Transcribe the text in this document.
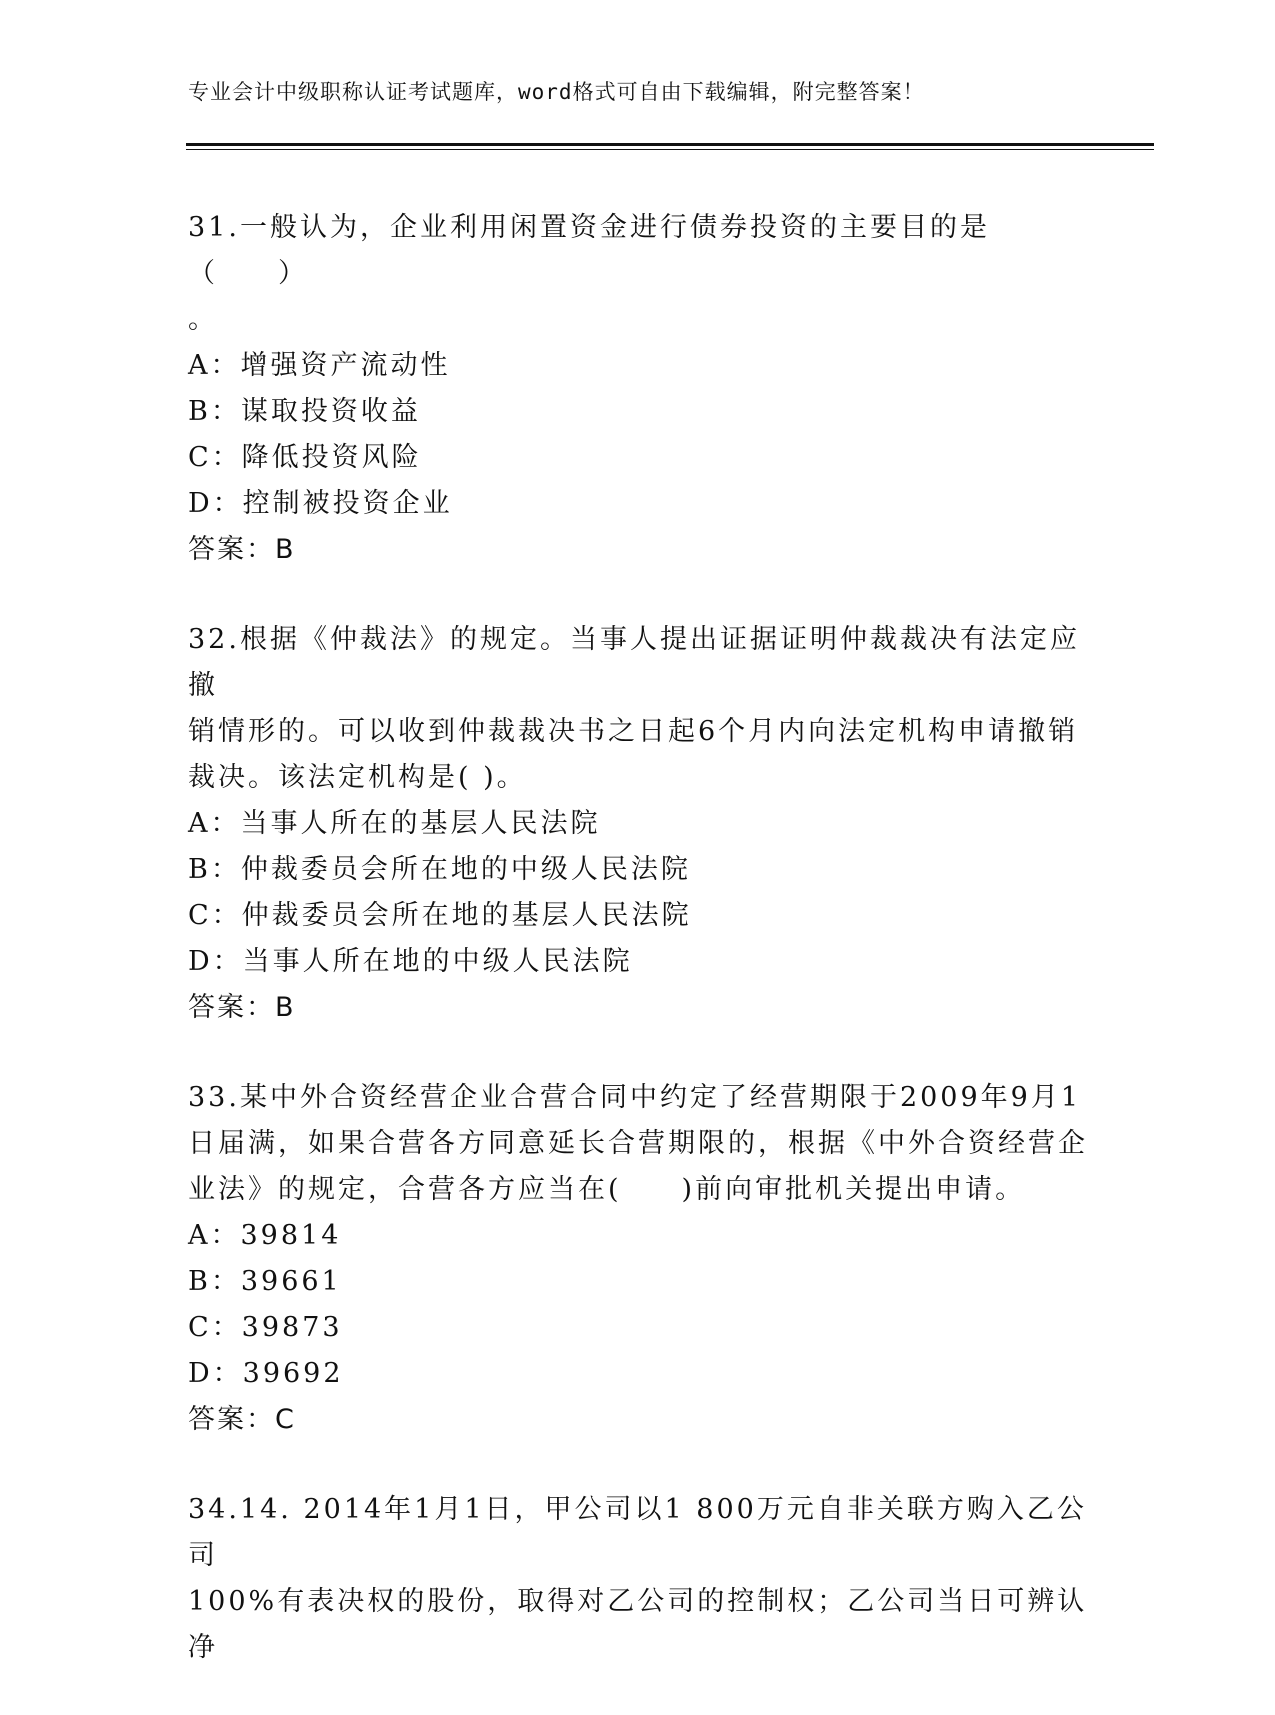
专业会计中级职称认证考试题库，word格式可自由下载编辑，附完整答案！

31.一般认为，企业利用闲置资金进行债券投资的主要目的是（　　）
。

A：增强资产流动性
B：谋取投资收益
C：降低投资风险
D：控制被投资企业
答案：B

32.根据《仲裁法》的规定。当事人提出证据证明仲裁裁决有法定应撤
销情形的。可以收到仲裁裁决书之日起6个月内向法定机构申请撤销
裁决。该法定机构是( )。

A：当事人所在的基层人民法院
B：仲裁委员会所在地的中级人民法院
C：仲裁委员会所在地的基层人民法院
D：当事人所在地的中级人民法院
答案：B

33.某中外合资经营企业合营合同中约定了经营期限于2009年9月1
日届满，如果合营各方同意延长合营期限的，根据《中外合资经营企
业法》的规定，合营各方应当在(　　)前向审批机关提出申请。

A：39814
B：39661
C：39873
D：39692
答案：C

34.14. 2014年1月1日，甲公司以1 800万元自非关联方购入乙公司
100%有表决权的股份，取得对乙公司的控制权；乙公司当日可辨认净
